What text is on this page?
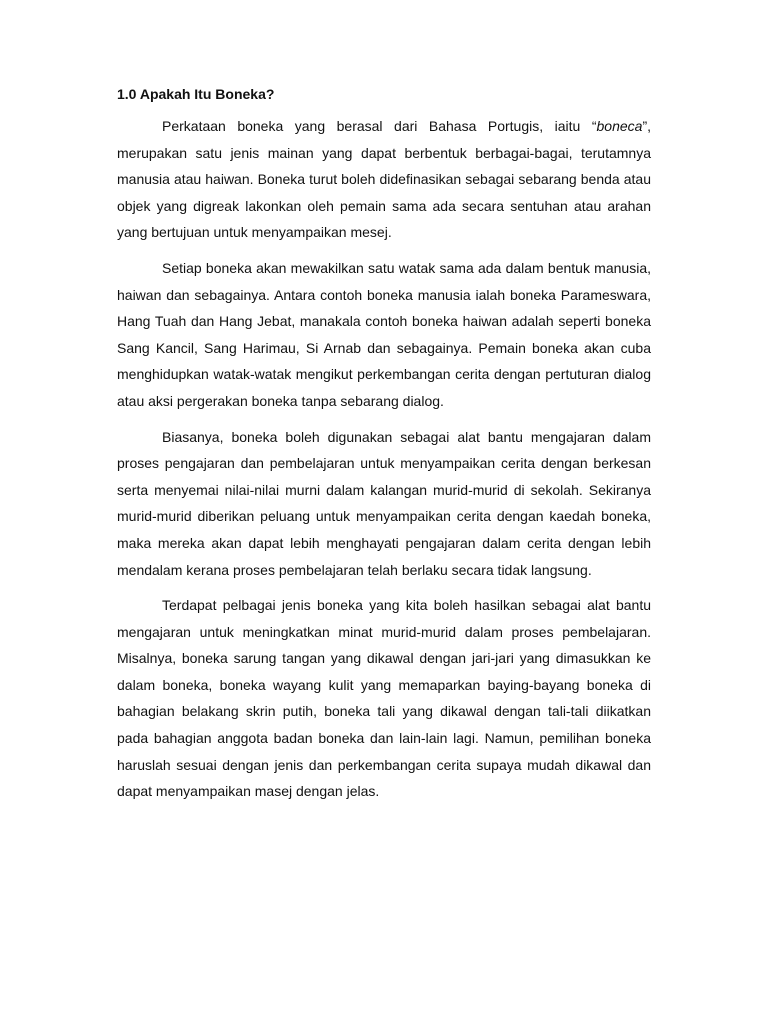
1.0 Apakah Itu Boneka?

Perkataan boneka yang berasal dari Bahasa Portugis, iaitu “boneca”, merupakan satu jenis mainan yang dapat berbentuk berbagai-bagai, terutamnya manusia atau haiwan. Boneka turut boleh didefinasikan sebagai sebarang benda atau objek yang digreak lakonkan oleh pemain sama ada secara sentuhan atau arahan yang bertujuan untuk menyampaikan mesej.

Setiap boneka akan mewakilkan satu watak sama ada dalam bentuk manusia, haiwan dan sebagainya. Antara contoh boneka manusia ialah boneka Parameswara, Hang Tuah dan Hang Jebat, manakala contoh boneka haiwan adalah seperti boneka Sang Kancil, Sang Harimau, Si Arnab dan sebagainya. Pemain boneka akan cuba menghidupkan watak-watak mengikut perkembangan cerita dengan pertuturan dialog atau aksi pergerakan boneka tanpa sebarang dialog.

Biasanya, boneka boleh digunakan sebagai alat bantu mengajaran dalam proses pengajaran dan pembelajaran untuk menyampaikan cerita dengan berkesan serta menyemai nilai-nilai murni dalam kalangan murid-murid di sekolah. Sekiranya murid-murid diberikan peluang untuk menyampaikan cerita dengan kaedah boneka, maka mereka akan dapat lebih menghayati pengajaran dalam cerita dengan lebih mendalam kerana proses pembelajaran telah berlaku secara tidak langsung.

Terdapat pelbagai jenis boneka yang kita boleh hasilkan sebagai alat bantu mengajaran untuk meningkatkan minat murid-murid dalam proses pembelajaran. Misalnya, boneka sarung tangan yang dikawal dengan jari-jari yang dimasukkan ke dalam boneka, boneka wayang kulit yang memaparkan baying-bayang boneka di bahagian belakang skrin putih, boneka tali yang dikawal dengan tali-tali diikatkan pada bahagian anggota badan boneka dan lain-lain lagi. Namun, pemilihan boneka haruslah sesuai dengan jenis dan perkembangan cerita supaya mudah dikawal dan dapat menyampaikan masej dengan jelas.
